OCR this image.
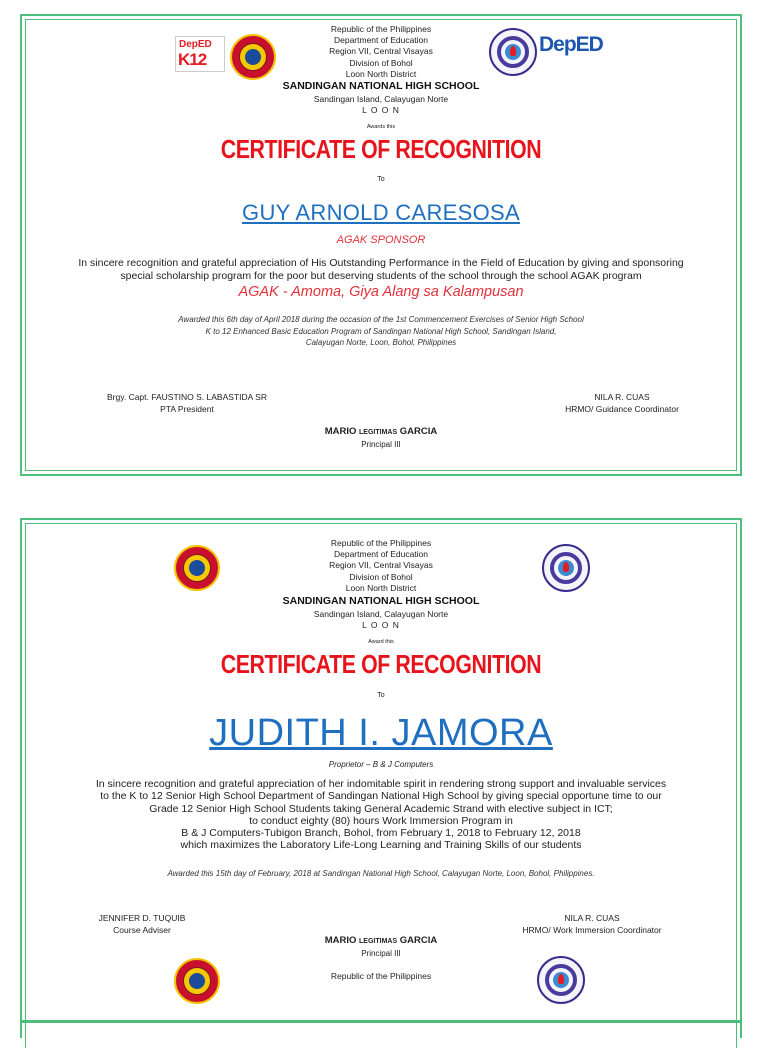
DepED
K12
DepED
Republic of the Philippines
Department of Education
Region VII, Central Visayas
Division of Bohol
Loon North District
SANDINGAN NATIONAL HIGH SCHOOL
Sandingan Island, Calayugan Norte
L O O N
Awards this
CERTIFICATE OF RECOGNITION
To
GUY ARNOLD CARESOSA
AGAK SPONSOR
In sincere recognition and grateful appreciation of His Outstanding Performance in the Field of Education by giving and sponsoring
special scholarship program for the poor but deserving students of the school through the school AGAK program
AGAK - Amoma, Giya Alang sa Kalampusan
Awarded this 6th day of April 2018 during the occasion of the 1st Commencement Exercises of Senior High School
K to 12 Enhanced Basic Education Program of Sandingan National High School, Sandingan Island,
Calayugan Norte, Loon, Bohol, Philippines
Brgy. Capt. FAUSTINO S. LABASTIDA SR
PTA President
NILA R. CUAS
HRMO/ Guidance Coordinator
MARIO LEGITIMAS GARCIA
Principal III
Republic of the Philippines
Department of Education
Region VII, Central Visayas
Division of Bohol
Loon North District
SANDINGAN NATIONAL HIGH SCHOOL
Sandingan Island, Calayugan Norte
L O O N
Award this
CERTIFICATE OF RECOGNITION
To
JUDITH I. JAMORA
Proprietor – B & J Computers
In sincere recognition and grateful appreciation of her indomitable spirit in rendering strong support and invaluable services
to the K to 12 Senior High School Department of Sandingan National High School by giving special opportune time to our
Grade 12 Senior High School Students taking General Academic Strand with elective subject in ICT;
to conduct eighty (80) hours Work Immersion Program in
B & J Computers-Tubigon Branch, Bohol, from February 1, 2018 to February 12, 2018
which maximizes the Laboratory Life-Long Learning and Training Skills of our students
Awarded this 15th day of February, 2018 at Sandingan National High School, Calayugan Norte, Loon, Bohol, Philippines.
JENNIFER D. TUQUIB
Course Adviser
NILA R. CUAS
HRMO/ Work Immersion Coordinator
MARIO LEGITIMAS GARCIA
Principal III
Republic of the Philippines
